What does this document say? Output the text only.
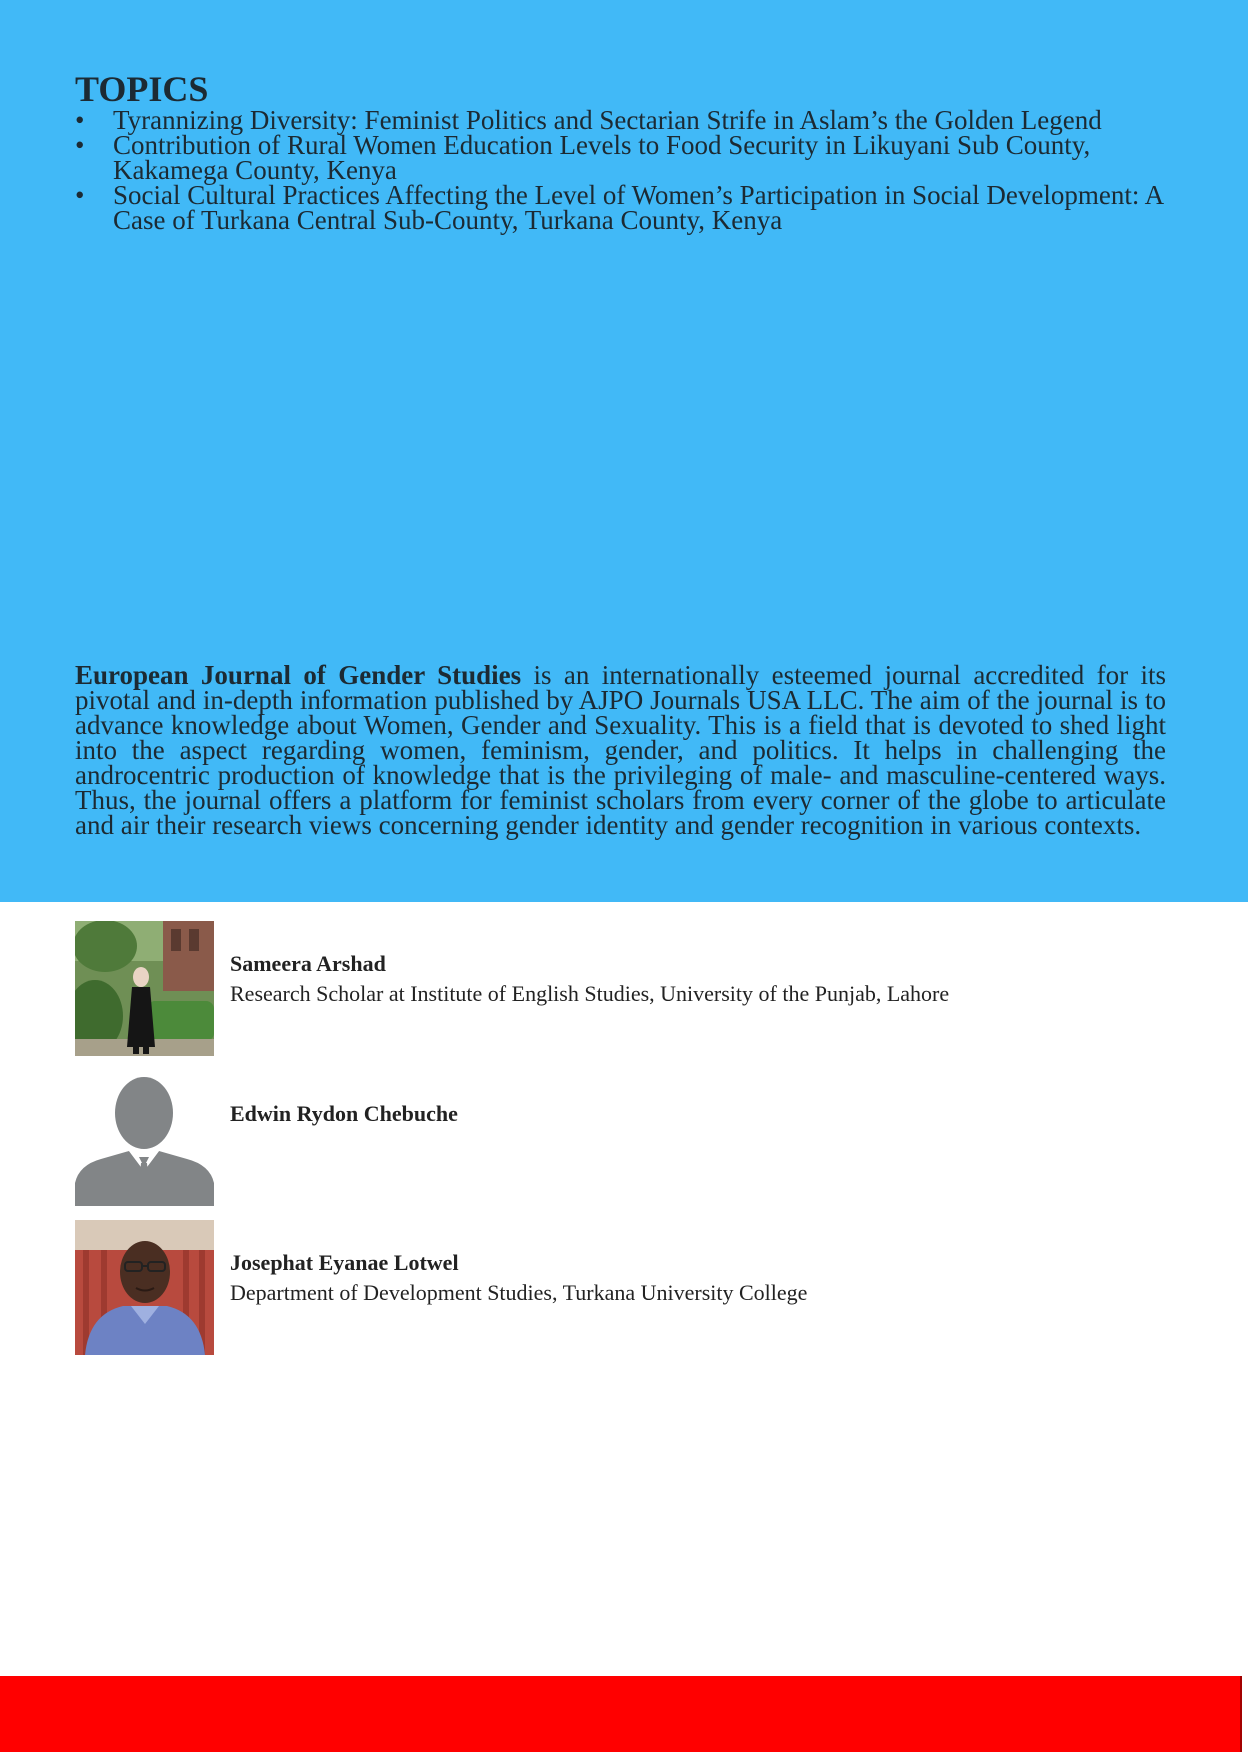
TOPICS
• Tyrannizing Diversity: Feminist Politics and Sectarian Strife in Aslam’s the Golden Legend
• Contribution of Rural Women Education Levels to Food Security in Likuyani Sub County, Kakamega County, Kenya
• Social Cultural Practices Affecting the Level of Women’s Participation in Social Development: A Case of Turkana Central Sub-County, Turkana County, Kenya

European Journal of Gender Studies is an internationally esteemed journal accredited for its pivotal and in-depth information published by AJPO Journals USA LLC. The aim of the journal is to advance knowledge about Women, Gender and Sexuality. This is a field that is devoted to shed light into the aspect regarding women, feminism, gender, and politics. It helps in challenging the androcentric production of knowledge that is the privileging of male- and masculine-centered ways. Thus, the journal offers a platform for feminist scholars from every corner of the globe to articulate and air their research views concerning gender identity and gender recognition in various contexts.

Sameera Arshad
Research Scholar at Institute of English Studies, University of the Punjab, Lahore
Edwin Rydon Chebuche
Josephat Eyanae Lotwel
Department of Development Studies, Turkana University College
